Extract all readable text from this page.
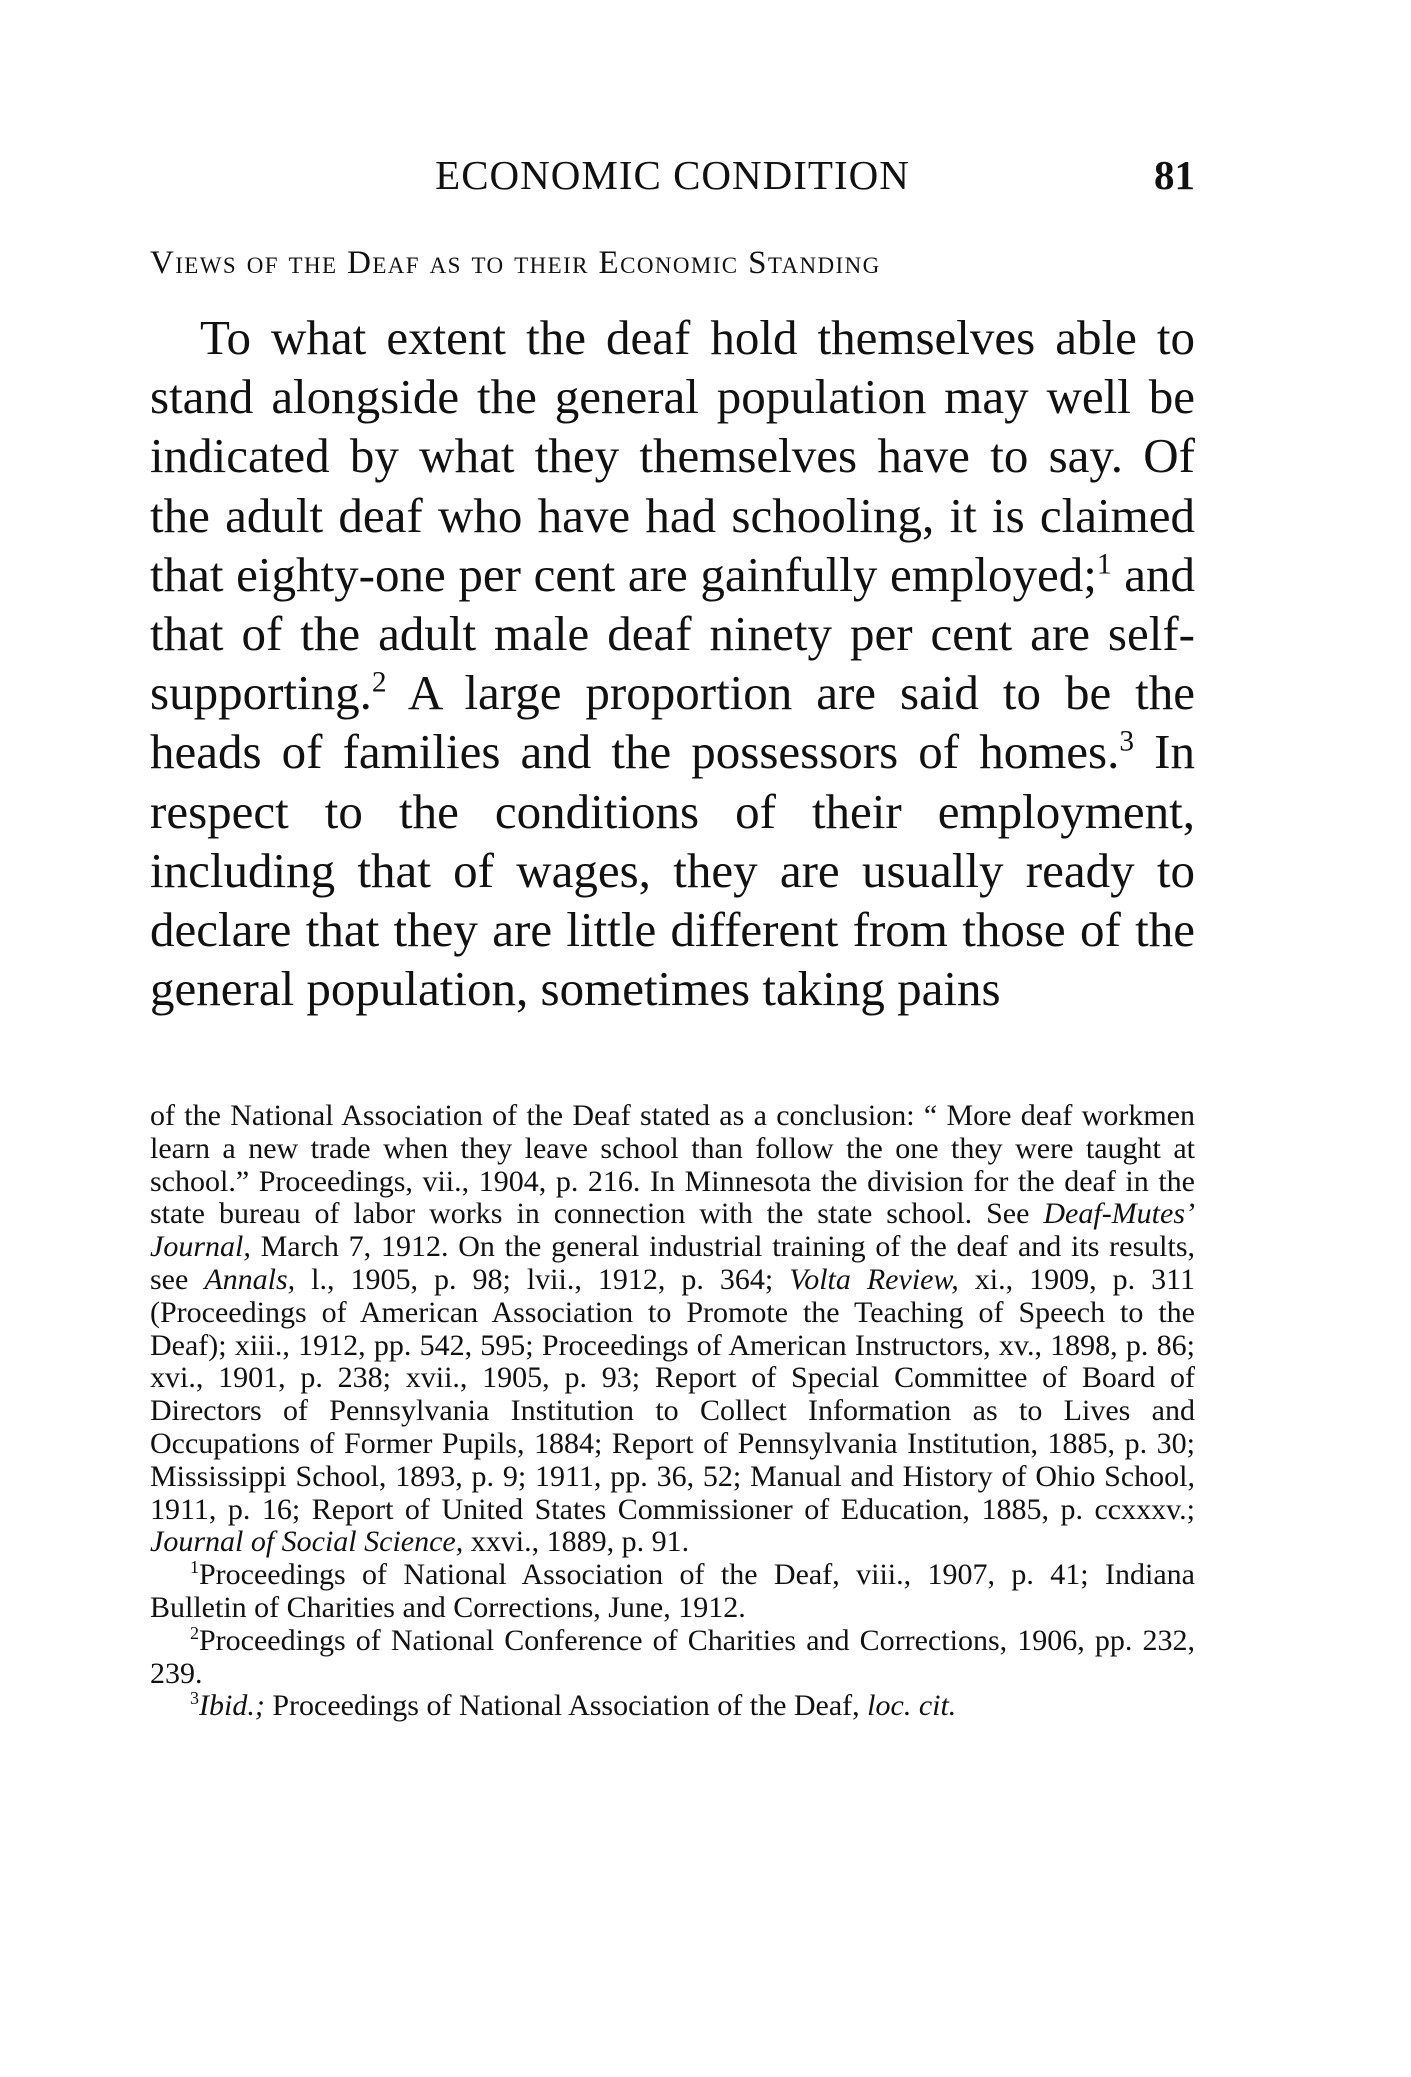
ECONOMIC CONDITION	81
Views of the Deaf as to their Economic Standing

To what extent the deaf hold themselves able to stand alongside the general population may well be indicated by what they themselves have to say. Of the adult deaf who have had schooling, it is claimed that eighty-one per cent are gainfully employed;$^1$ and that of the adult male deaf ninety per cent are self-supporting.$^2$ A large proportion are said to be the heads of families and the possessors of homes.$^3$ In respect to the conditions of their employment, including that of wages, they are usually ready to declare that they are little different from those of the general population, sometimes taking pains

of the National Association of the Deaf stated as a conclusion: “ More deaf workmen learn a new trade when they leave school than follow the one they were taught at school.” Proceedings, vii., 1904, p. 216. In Minnesota the division for the deaf in the state bureau of labor works in connection with the state school. See Deaf-Mutes’ Journal, March 7, 1912. On the general industrial training of the deaf and its results, see Annals, l., 1905, p. 98; lvii., 1912, p. 364; Volta Review, xi., 1909, p. 311 (Proceedings of American Association to Promote the Teaching of Speech to the Deaf); xiii., 1912, pp. 542, 595; Proceedings of American Instructors, xv., 1898, p. 86; xvi., 1901, p. 238; xvii., 1905, p. 93; Report of Special Committee of Board of Directors of Pennsylvania Institution to Collect Information as to Lives and Occupations of Former Pupils, 1884; Report of Pennsylvania Institution, 1885, p. 30; Mississippi School, 1893, p. 9; 1911, pp. 36, 52; Manual and History of Ohio School, 1911, p. 16; Report of United States Commissioner of Education, 1885, p. ccxxxv.; Journal of Social Science, xxvi., 1889, p. 91.

$^1$Proceedings of National Association of the Deaf, viii., 1907, p. 41; Indiana Bulletin of Charities and Corrections, June, 1912.

$^2$Proceedings of National Conference of Charities and Corrections, 1906, pp. 232, 239.

$^3$Ibid.; Proceedings of National Association of the Deaf, loc. cit.
